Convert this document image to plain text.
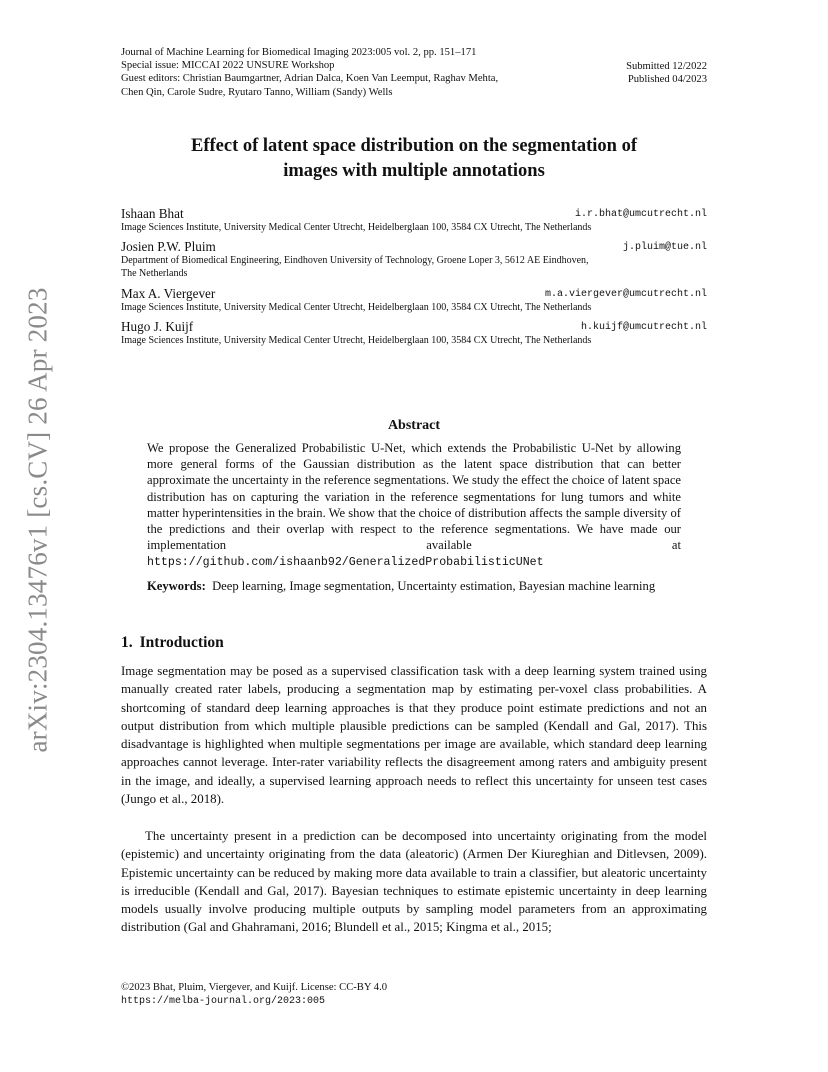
arXiv:2304.13476v1 [cs.CV] 26 Apr 2023
Journal of Machine Learning for Biomedical Imaging 2023:005 vol. 2, pp. 151–171
Special issue: MICCAI 2022 UNSURE Workshop
Guest editors: Christian Baumgartner, Adrian Dalca, Koen Van Leemput, Raghav Mehta,
Chen Qin, Carole Sudre, Ryutaro Tanno, William (Sandy) Wells
Submitted 12/2022
Published 04/2023
Effect of latent space distribution on the segmentation of
images with multiple annotations
Ishaan Bhat	i.r.bhat@umcutrecht.nl
Image Sciences Institute, University Medical Center Utrecht, Heidelberglaan 100, 3584 CX Utrecht, The Netherlands
Josien P.W. Pluim	j.pluim@tue.nl
Department of Biomedical Engineering, Eindhoven University of Technology, Groene Loper 3, 5612 AE Eindhoven,
The Netherlands
Max A. Viergever	m.a.viergever@umcutrecht.nl
Image Sciences Institute, University Medical Center Utrecht, Heidelberglaan 100, 3584 CX Utrecht, The Netherlands
Hugo J. Kuijf	h.kuijf@umcutrecht.nl
Image Sciences Institute, University Medical Center Utrecht, Heidelberglaan 100, 3584 CX Utrecht, The Netherlands
Abstract
We propose the Generalized Probabilistic U-Net, which extends the Probabilistic U-Net by allowing more general forms of the Gaussian distribution as the latent space distribution that can better approximate the uncertainty in the reference segmentations. We study the effect the choice of latent space distribution has on capturing the variation in the reference segmentations for lung tumors and white matter hyperintensities in the brain. We show that the choice of distribution affects the sample diversity of the predictions and their overlap with respect to the reference segmentations. We have made our implementation available at https://github.com/ishaanb92/GeneralizedProbabilisticUNet
Keywords: Deep learning, Image segmentation, Uncertainty estimation, Bayesian machine learning
1. Introduction
Image segmentation may be posed as a supervised classification task with a deep learning system trained using manually created rater labels, producing a segmentation map by estimating per-voxel class probabilities. A shortcoming of standard deep learning approaches is that they produce point estimate predictions and not an output distribution from which multiple plausible predictions can be sampled (Kendall and Gal, 2017). This disadvantage is highlighted when multiple segmentations per image are available, which standard deep learning approaches cannot leverage. Inter-rater variability reflects the disagreement among raters and ambiguity present in the image, and ideally, a supervised learning approach needs to reflect this uncertainty for unseen test cases (Jungo et al., 2018).
The uncertainty present in a prediction can be decomposed into uncertainty originating from the model (epistemic) and uncertainty originating from the data (aleatoric) (Armen Der Kiureghian and Ditlevsen, 2009). Epistemic uncertainty can be reduced by making more data available to train a classifier, but aleatoric uncertainty is irreducible (Kendall and Gal, 2017). Bayesian techniques to estimate epistemic uncertainty in deep learning models usually involve producing multiple outputs by sampling model parameters from an approximating distribution (Gal and Ghahramani, 2016; Blundell et al., 2015; Kingma et al., 2015;
©2023 Bhat, Pluim, Viergever, and Kuijf. License: CC-BY 4.0
https://melba-journal.org/2023:005
